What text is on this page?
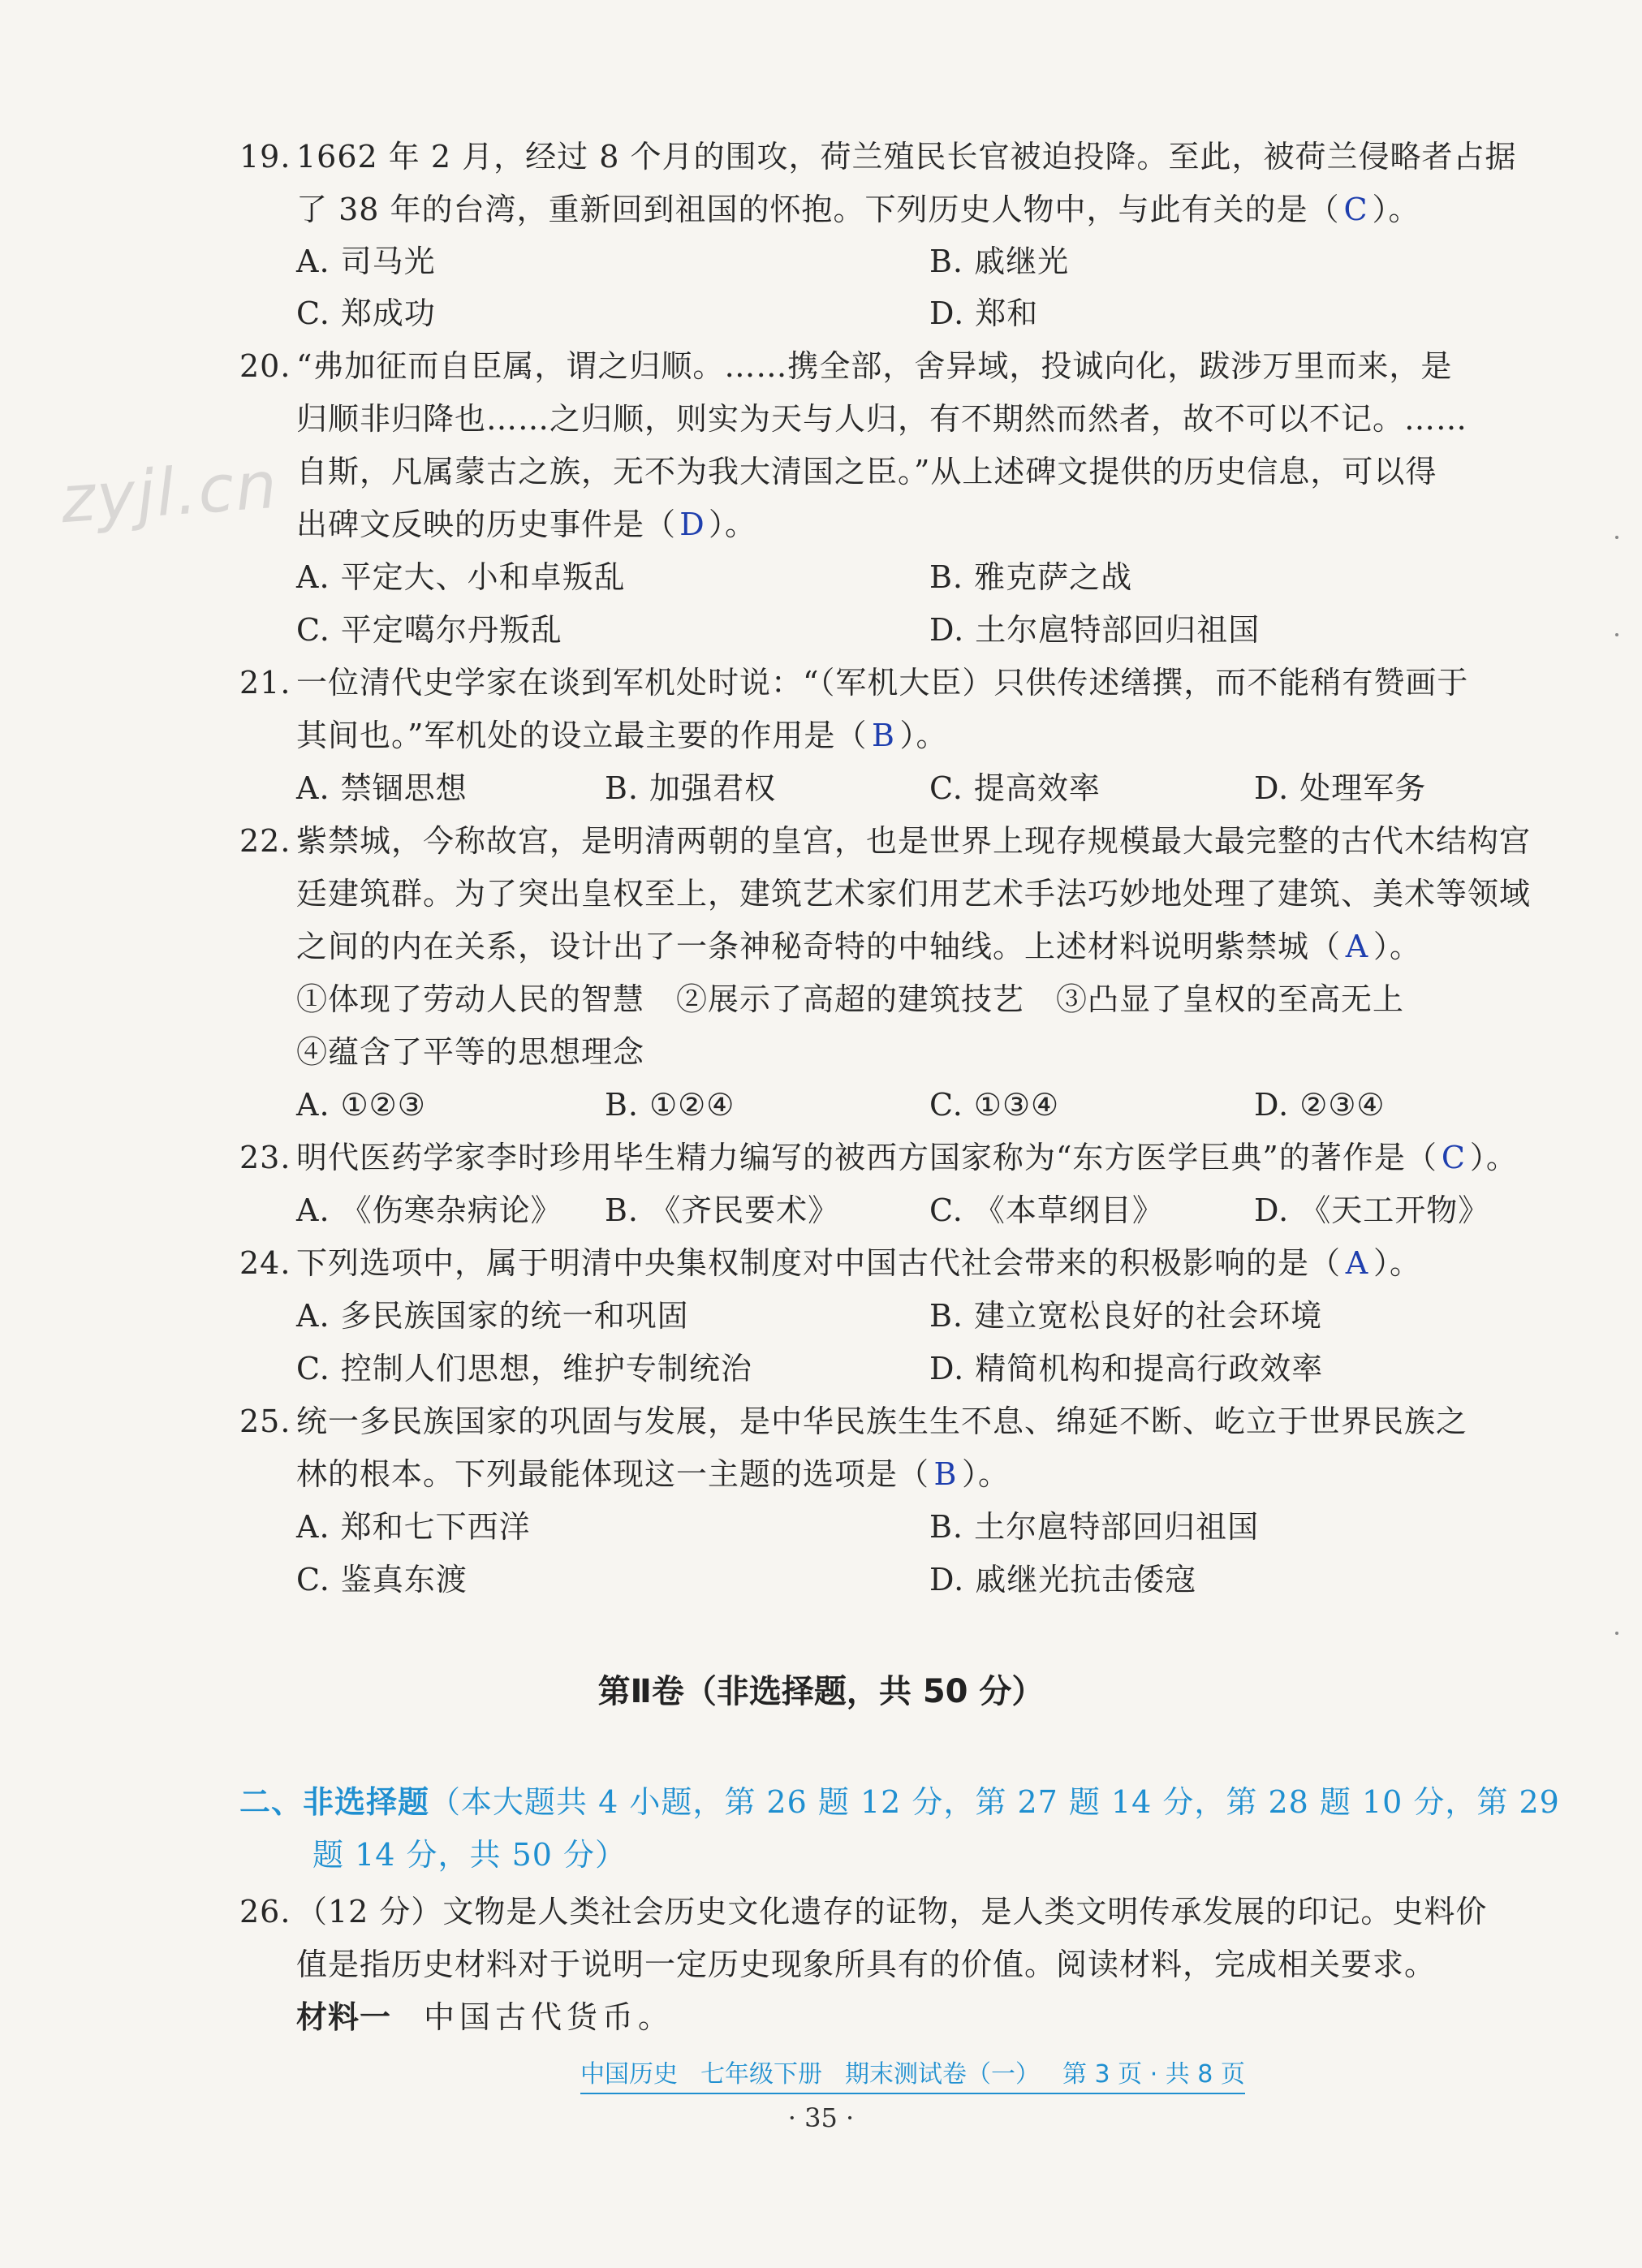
zyjl.cn
19. 1662 年 2 月，经过 8 个月的围攻，荷兰殖民长官被迫投降。至此，被荷兰侵略者占据
了 38 年的台湾，重新回到祖国的怀抱。下列历史人物中，与此有关的是（ C ）。
A. 司马光	B. 戚继光
C. 郑成功	D. 郑和
20. “弗加征而自臣属，谓之归顺。……携全部，舍异域，投诚向化，跋涉万里而来，是
归顺非归降也……之归顺，则实为天与人归，有不期然而然者，故不可以不记。……
自斯，凡属蒙古之族，无不为我大清国之臣。”从上述碑文提供的历史信息，可以得
出碑文反映的历史事件是（ D ）。
A. 平定大、小和卓叛乱	B. 雅克萨之战
C. 平定噶尔丹叛乱	D. 土尔扈特部回归祖国
21. 一位清代史学家在谈到军机处时说：“（军机大臣）只供传述缮撰，而不能稍有赞画于
其间也。”军机处的设立最主要的作用是（ B ）。
A. 禁锢思想	B. 加强君权	C. 提高效率	D. 处理军务
22. 紫禁城，今称故宫，是明清两朝的皇宫，也是世界上现存规模最大最完整的古代木结构宫
廷建筑群。为了突出皇权至上，建筑艺术家们用艺术手法巧妙地处理了建筑、美术等领域
之间的内在关系，设计出了一条神秘奇特的中轴线。上述材料说明紫禁城（ A ）。
①体现了劳动人民的智慧　②展示了高超的建筑技艺　③凸显了皇权的至高无上
④蕴含了平等的思想理念
A. ①②③	B. ①②④	C. ①③④	D. ②③④
23. 明代医药学家李时珍用毕生精力编写的被西方国家称为“东方医学巨典”的著作是（ C ）。
A. 《伤寒杂病论》 B. 《齐民要术》	C. 《本草纲目》	D. 《天工开物》
24. 下列选项中，属于明清中央集权制度对中国古代社会带来的积极影响的是（ A ）。
A. 多民族国家的统一和巩固	B. 建立宽松良好的社会环境
C. 控制人们思想，维护专制统治	D. 精简机构和提高行政效率
25. 统一多民族国家的巩固与发展，是中华民族生生不息、绵延不断、屹立于世界民族之
林的根本。下列最能体现这一主题的选项是（ B ）。
A. 郑和七下西洋	B. 土尔扈特部回归祖国
C. 鉴真东渡	D. 戚继光抗击倭寇
第Ⅱ卷（非选择题，共 50 分）
二、非选择题（本大题共 4 小题，第 26 题 12 分，第 27 题 14 分，第 28 题 10 分，第 29
题 14 分，共 50 分）
26. （12 分）文物是人类社会历史文化遗存的证物，是人类文明传承发展的印记。史料价
值是指历史材料对于说明一定历史现象所具有的价值。阅读材料，完成相关要求。
材料一 中国古代货币。
中国历史 七年级下册 期末测试卷（一） 第 3 页 · 共 8 页
· 35 ·
